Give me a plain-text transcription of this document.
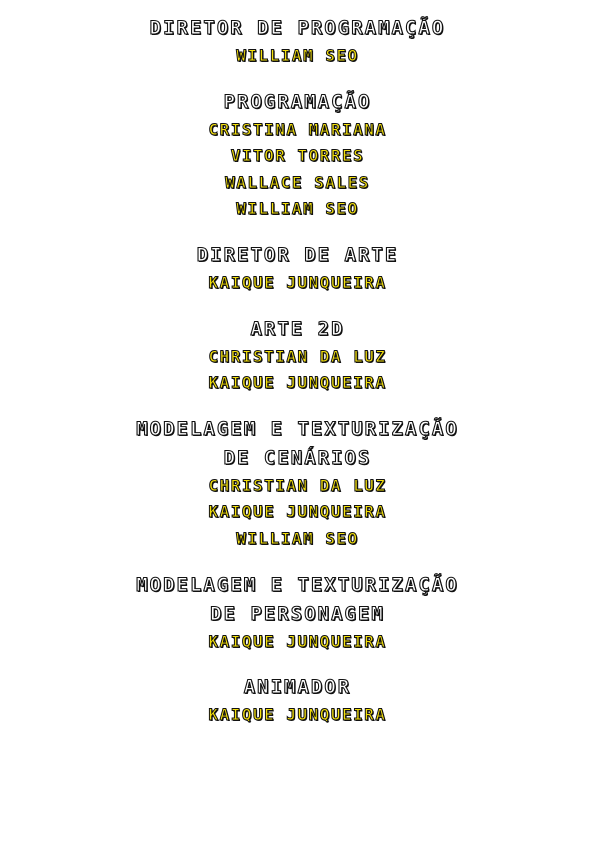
DIRETOR DE PROGRAMAÇÃO
WILLIAM SEO
PROGRAMAÇÃO
CRISTINA MARIANA
VITOR TORRES
WALLACE SALES
WILLIAM SEO
DIRETOR DE ARTE
KAIQUE JUNQUEIRA
ARTE 2D
CHRISTIAN DA LUZ
KAIQUE JUNQUEIRA
MODELAGEM E TEXTURIZAÇÃO
DE CENÁRIOS
CHRISTIAN DA LUZ
KAIQUE JUNQUEIRA
WILLIAM SEO
MODELAGEM E TEXTURIZAÇÃO
DE PERSONAGEM
KAIQUE JUNQUEIRA
ANIMADOR
KAIQUE JUNQUEIRA
